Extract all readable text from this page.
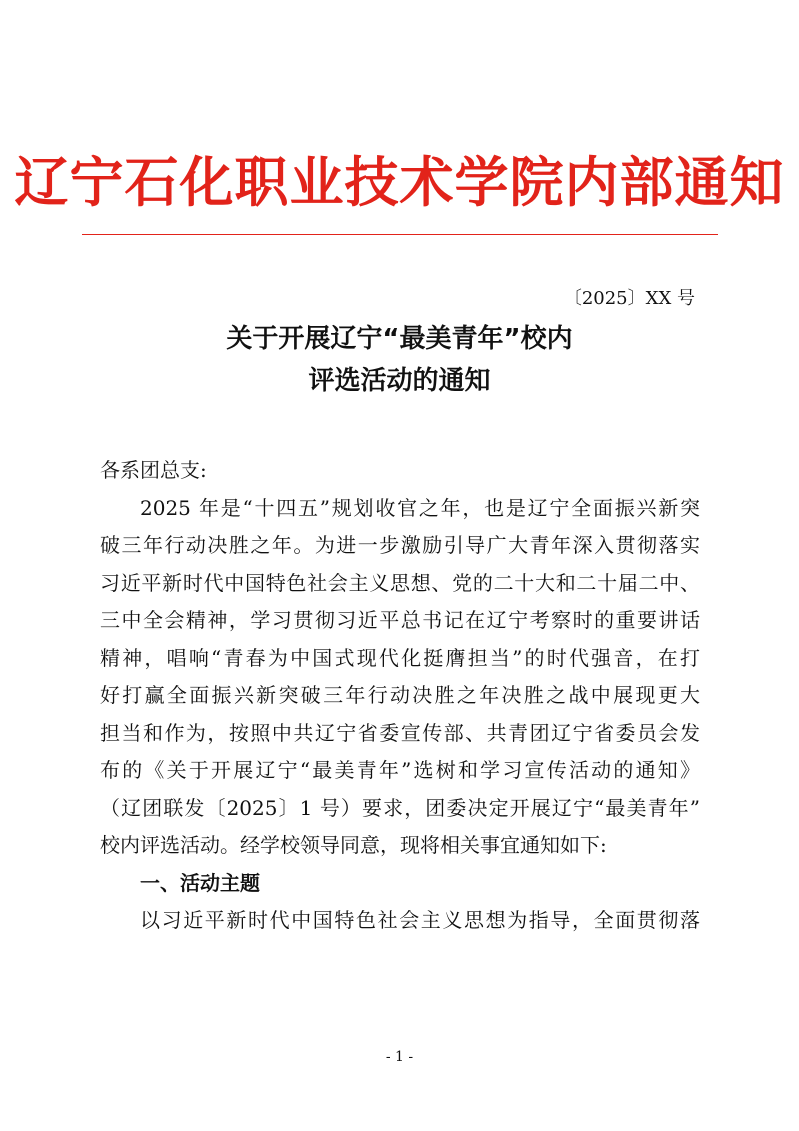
辽宁石化职业技术学院内部通知
〔2025〕XX 号
关于开展辽宁“最美青年”校内
评选活动的通知
各系团总支:
2025 年是“十四五”规划收官之年，也是辽宁全面振兴新突
破三年行动决胜之年。为进一步激励引导广大青年深入贯彻落实
习近平新时代中国特色社会主义思想、党的二十大和二十届二中、
三中全会精神，学习贯彻习近平总书记在辽宁考察时的重要讲话
精神，唱响“青春为中国式现代化挺膺担当”的时代强音，在打
好打赢全面振兴新突破三年行动决胜之年决胜之战中展现更大
担当和作为，按照中共辽宁省委宣传部、共青团辽宁省委员会发
布的《关于开展辽宁“最美青年”选树和学习宣传活动的通知》
（辽团联发〔2025〕1 号）要求，团委决定开展辽宁“最美青年”
校内评选活动。经学校领导同意，现将相关事宜通知如下:
一、活动主题
以习近平新时代中国特色社会主义思想为指导，全面贯彻落
- 1 -
